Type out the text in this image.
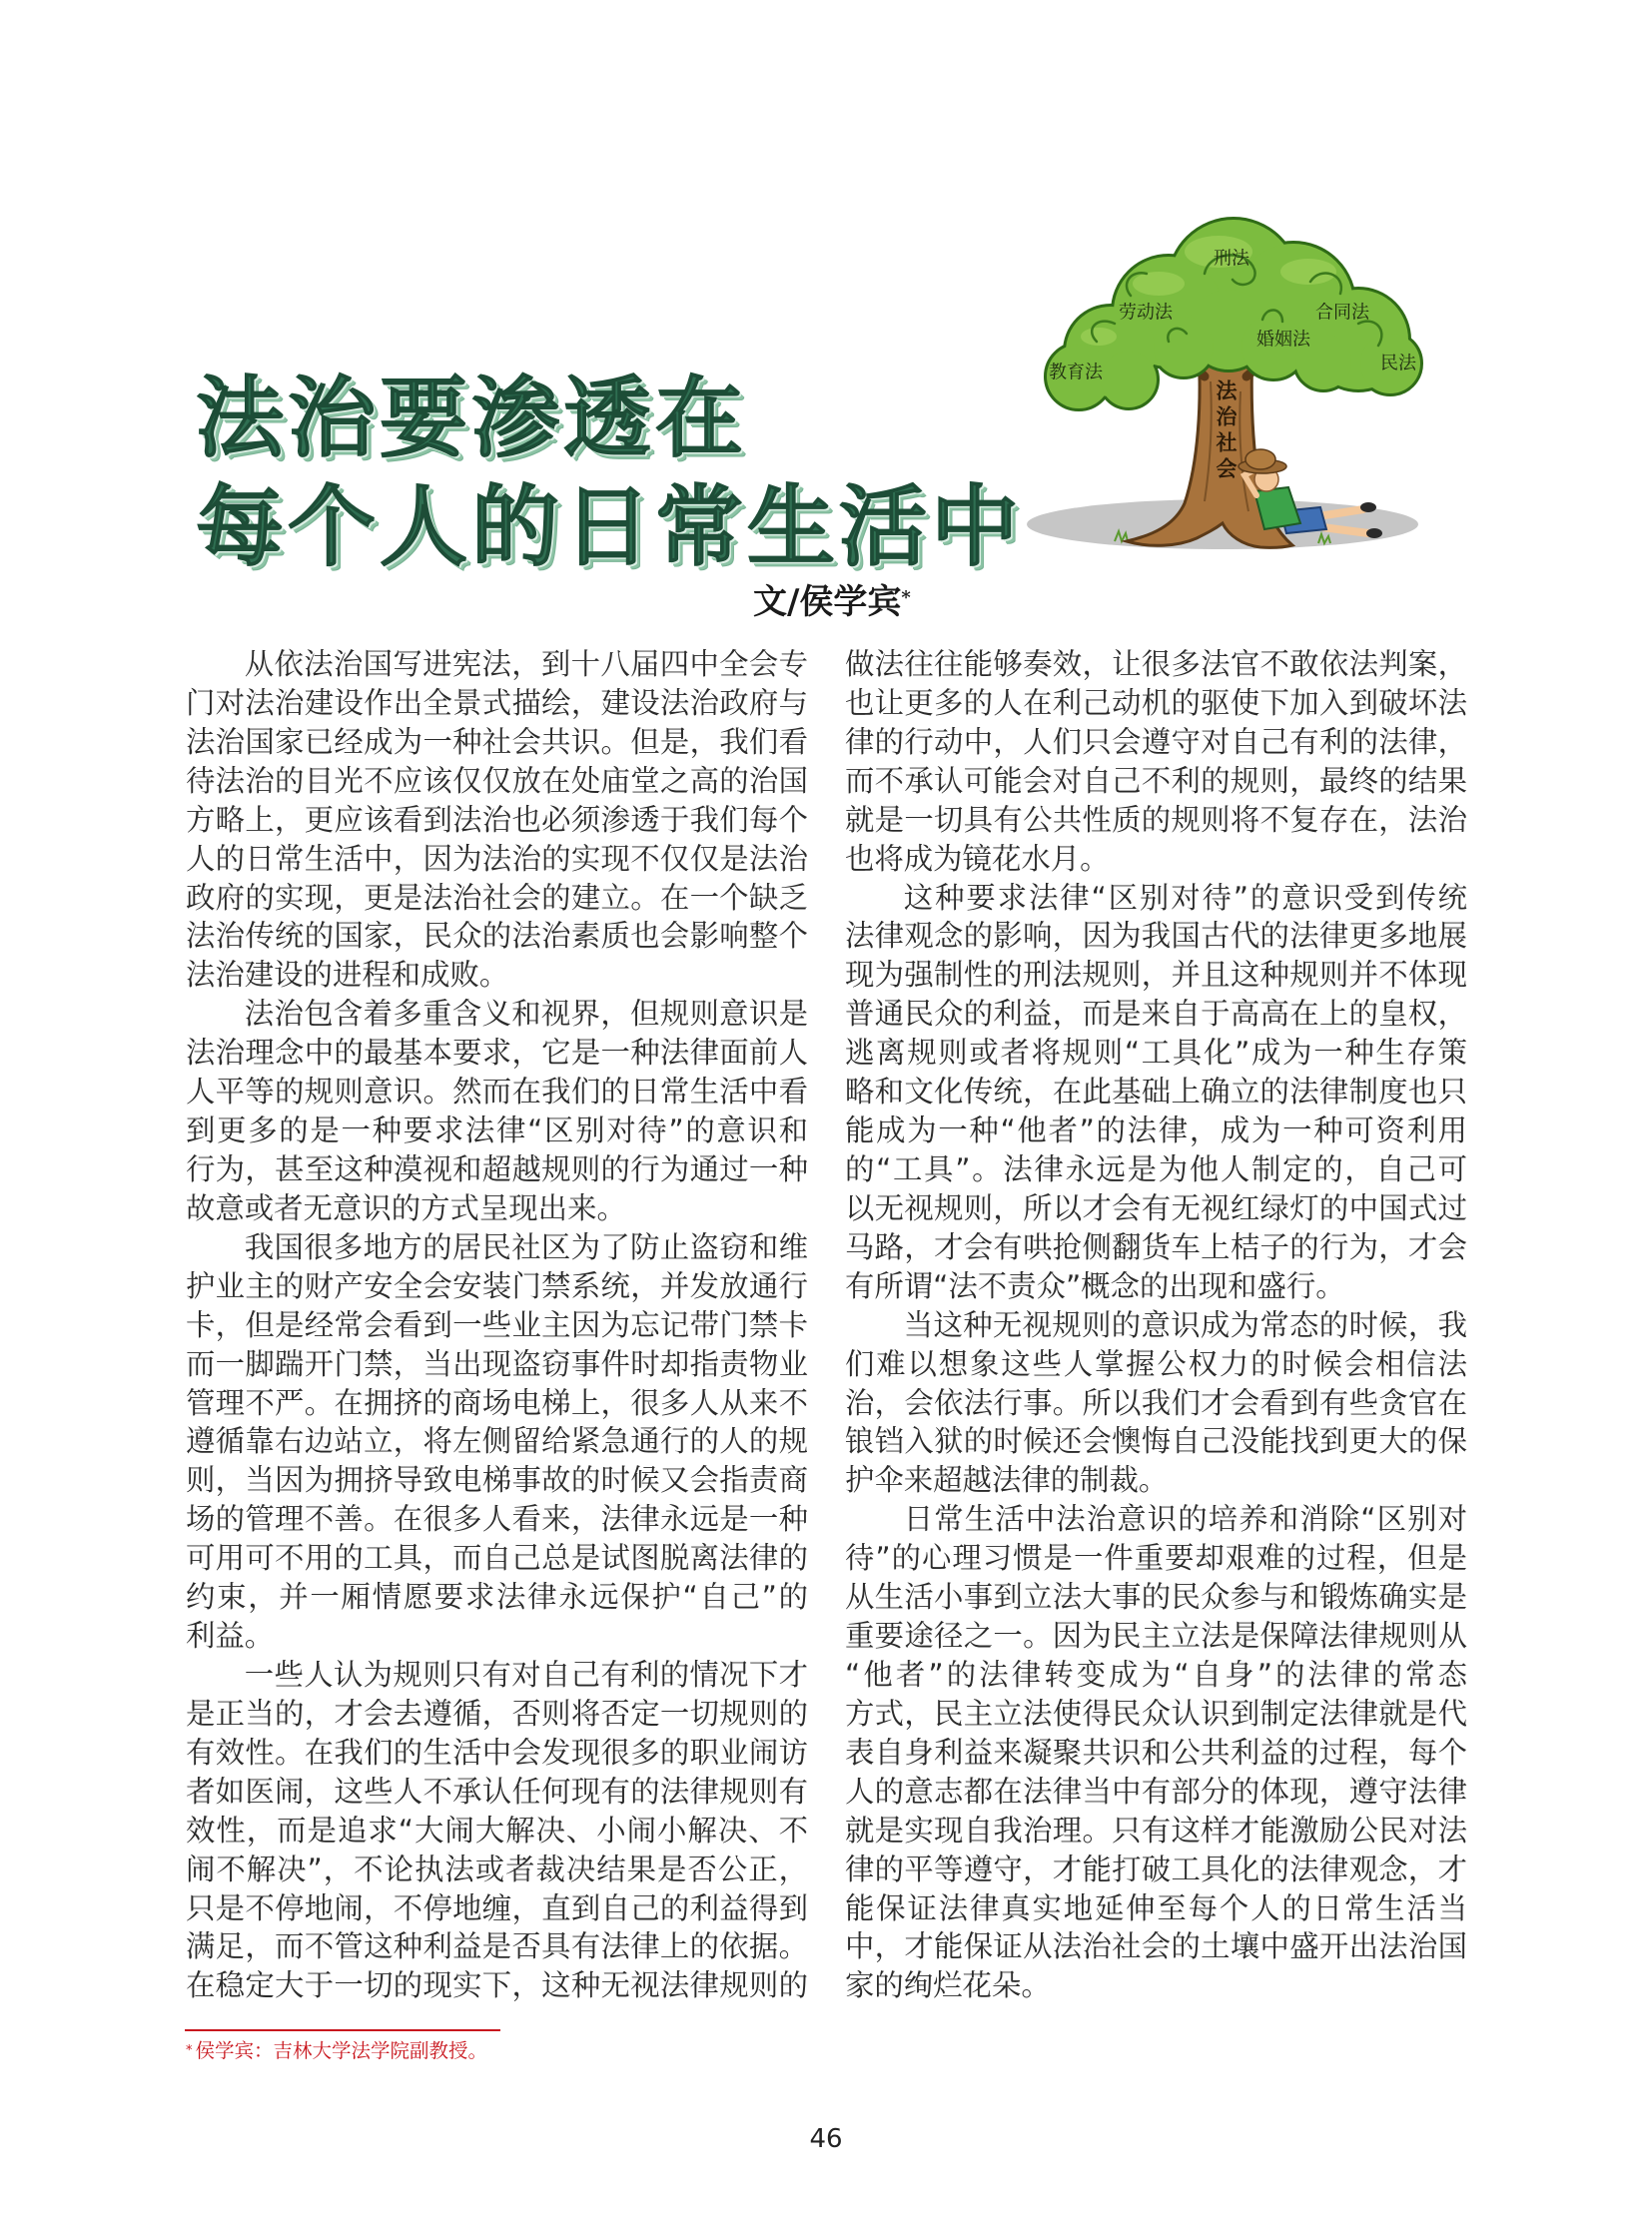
法治要渗透在
每个人的日常生活中
文/侯学宾*
刑法
劳动法	合同法
婚姻法
教育法	民法
法治社会
从依法治国写进宪法，到十八届四中全会专
门对法治建设作出全景式描绘，建设法治政府与
法治国家已经成为一种社会共识。但是，我们看
待法治的目光不应该仅仅放在处庙堂之高的治国
方略上，更应该看到法治也必须渗透于我们每个
人的日常生活中，因为法治的实现不仅仅是法治
政府的实现，更是法治社会的建立。在一个缺乏
法治传统的国家，民众的法治素质也会影响整个
法治建设的进程和成败。
法治包含着多重含义和视界，但规则意识是
法治理念中的最基本要求，它是一种法律面前人
人平等的规则意识。然而在我们的日常生活中看
到更多的是一种要求法律“区别对待”的意识和
行为，甚至这种漠视和超越规则的行为通过一种
故意或者无意识的方式呈现出来。
我国很多地方的居民社区为了防止盗窃和维
护业主的财产安全会安装门禁系统，并发放通行
卡，但是经常会看到一些业主因为忘记带门禁卡
而一脚踹开门禁，当出现盗窃事件时却指责物业
管理不严。在拥挤的商场电梯上，很多人从来不
遵循靠右边站立，将左侧留给紧急通行的人的规
则，当因为拥挤导致电梯事故的时候又会指责商
场的管理不善。在很多人看来，法律永远是一种
可用可不用的工具，而自己总是试图脱离法律的
约束，并一厢情愿要求法律永远保护“自己”的
利益。
一些人认为规则只有对自己有利的情况下才
是正当的，才会去遵循，否则将否定一切规则的
有效性。在我们的生活中会发现很多的职业闹访
者如医闹，这些人不承认任何现有的法律规则有
效性，而是追求“大闹大解决、小闹小解决、不
闹不解决”，不论执法或者裁决结果是否公正，
只是不停地闹，不停地缠，直到自己的利益得到
满足，而不管这种利益是否具有法律上的依据。
在稳定大于一切的现实下，这种无视法律规则的
做法往往能够奏效，让很多法官不敢依法判案，
也让更多的人在利己动机的驱使下加入到破坏法
律的行动中，人们只会遵守对自己有利的法律，
而不承认可能会对自己不利的规则，最终的结果
就是一切具有公共性质的规则将不复存在，法治
也将成为镜花水月。
这种要求法律“区别对待”的意识受到传统
法律观念的影响，因为我国古代的法律更多地展
现为强制性的刑法规则，并且这种规则并不体现
普通民众的利益，而是来自于高高在上的皇权，
逃离规则或者将规则“工具化”成为一种生存策
略和文化传统，在此基础上确立的法律制度也只
能成为一种“他者”的法律，成为一种可资利用
的“工具”。法律永远是为他人制定的，自己可
以无视规则，所以才会有无视红绿灯的中国式过
马路，才会有哄抢侧翻货车上桔子的行为，才会
有所谓“法不责众”概念的出现和盛行。
当这种无视规则的意识成为常态的时候，我
们难以想象这些人掌握公权力的时候会相信法
治，会依法行事。所以我们才会看到有些贪官在
锒铛入狱的时候还会懊悔自己没能找到更大的保
护伞来超越法律的制裁。
日常生活中法治意识的培养和消除“区别对
待”的心理习惯是一件重要却艰难的过程，但是
从生活小事到立法大事的民众参与和锻炼确实是
重要途径之一。因为民主立法是保障法律规则从
“他者”的法律转变成为“自身”的法律的常态
方式，民主立法使得民众认识到制定法律就是代
表自身利益来凝聚共识和公共利益的过程，每个
人的意志都在法律当中有部分的体现，遵守法律
就是实现自我治理。只有这样才能激励公民对法
律的平等遵守，才能打破工具化的法律观念，才
能保证法律真实地延伸至每个人的日常生活当
中，才能保证从法治社会的土壤中盛开出法治国
家的绚烂花朵。
* 侯学宾：吉林大学法学院副教授。
46
